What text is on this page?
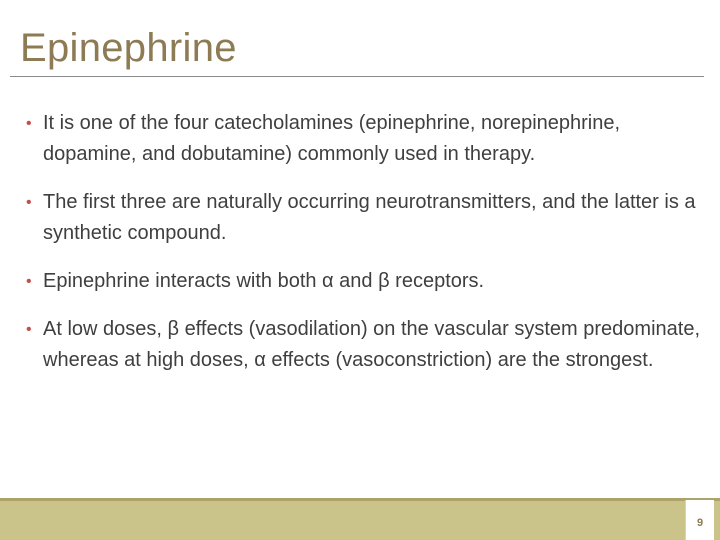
Epinephrine
• It is one of the four catecholamines (epinephrine, norepinephrine, dopamine, and dobutamine) commonly used in therapy.
• The first three are naturally occurring neurotransmitters, and the latter is a synthetic compound.
• Epinephrine interacts with both α and β receptors.
• At low doses, β effects (vasodilation) on the vascular system predominate, whereas at high doses, α effects (vasoconstriction) are the strongest.
9
